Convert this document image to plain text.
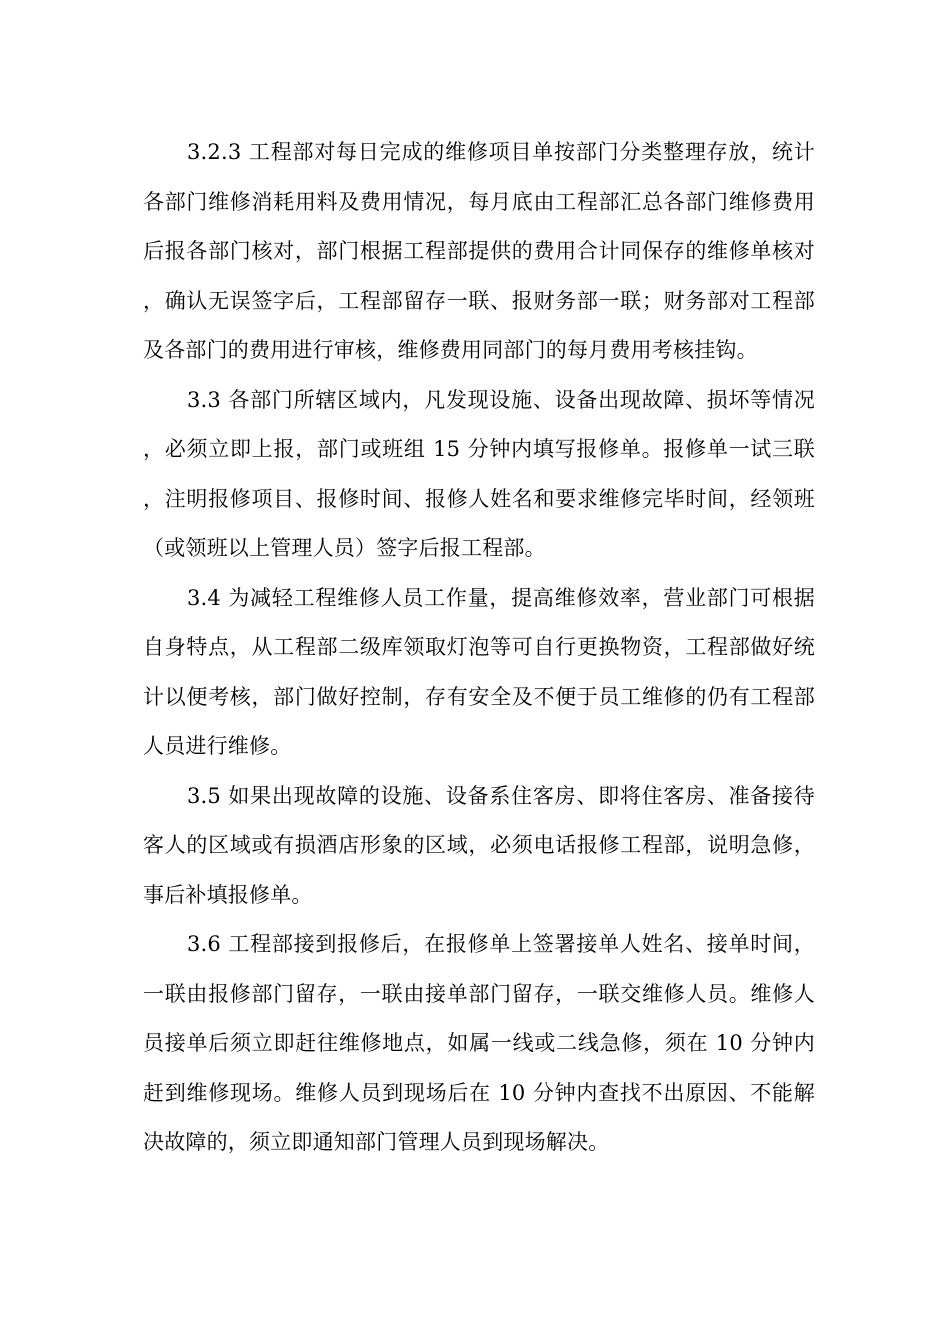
3.2.3 工程部对每日完成的维修项目单按部门分类整理存放，统计各部门维修消耗用料及费用情况，每月底由工程部汇总各部门维修费用后报各部门核对，部门根据工程部提供的费用合计同保存的维修单核对，确认无误签字后，工程部留存一联、报财务部一联；财务部对工程部及各部门的费用进行审核，维修费用同部门的每月费用考核挂钩。

3.3 各部门所辖区域内，凡发现设施、设备出现故障、损坏等情况，必须立即上报，部门或班组 15 分钟内填写报修单。报修单一试三联，注明报修项目、报修时间、报修人姓名和要求维修完毕时间，经领班（或领班以上管理人员）签字后报工程部。

3.4 为减轻工程维修人员工作量，提高维修效率，营业部门可根据自身特点，从工程部二级库领取灯泡等可自行更换物资，工程部做好统计以便考核，部门做好控制，存有安全及不便于员工维修的仍有工程部人员进行维修。

3.5 如果出现故障的设施、设备系住客房、即将住客房、准备接待客人的区域或有损酒店形象的区域，必须电话报修工程部，说明急修，事后补填报修单。

3.6 工程部接到报修后，在报修单上签署接单人姓名、接单时间，一联由报修部门留存，一联由接单部门留存，一联交维修人员。维修人员接单后须立即赶往维修地点，如属一线或二线急修，须在 10 分钟内赶到维修现场。维修人员到现场后在 10 分钟内查找不出原因、不能解决故障的，须立即通知部门管理人员到现场解决。
